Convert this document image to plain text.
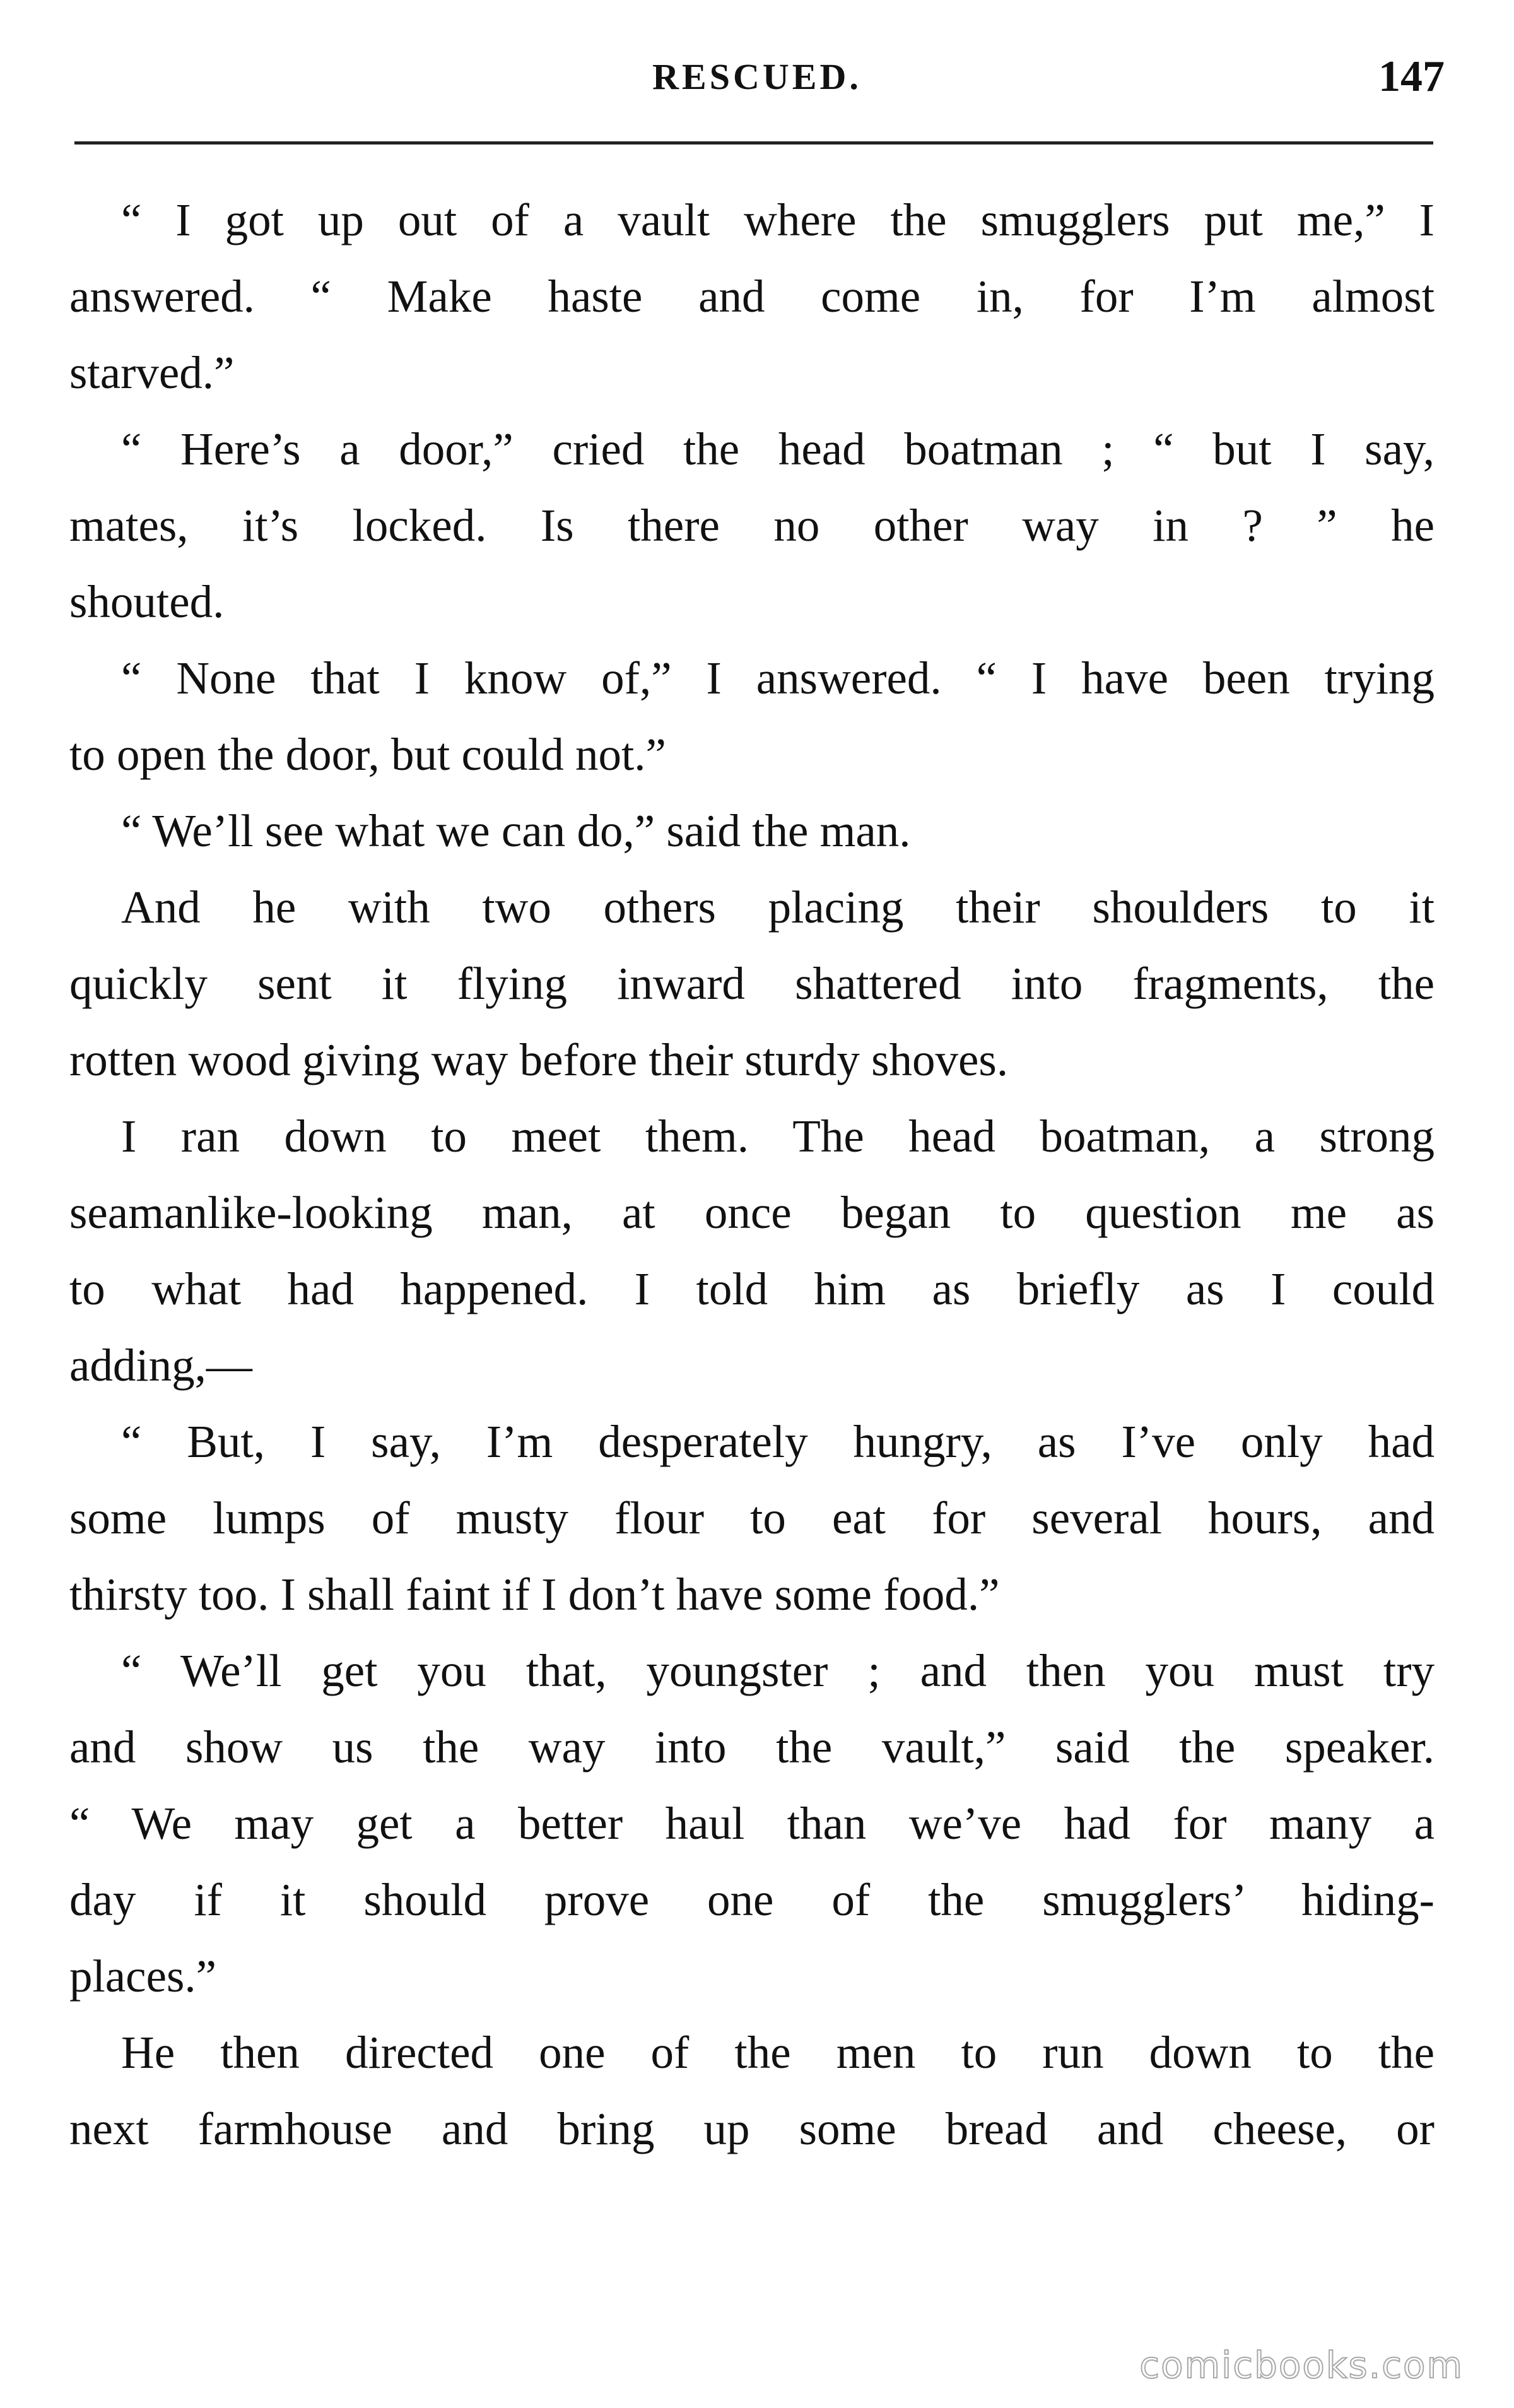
RESCUED.	147
“ I got up out of a vault where the smugglers put me,” I
answered. “ Make haste and come in, for I’m almost
starved.”
“ Here’s a door,” cried the head boatman ; “ but I say,
mates, it’s locked. Is there no other way in ? ” he
shouted.
“ None that I know of,” I answered. “ I have been trying
to open the door, but could not.”
“ We’ll see what we can do,” said the man.
And he with two others placing their shoulders to it
quickly sent it flying inward shattered into fragments, the
rotten wood giving way before their sturdy shoves.
I ran down to meet them. The head boatman, a strong
seamanlike-looking man, at once began to question me as
to what had happened. I told him as briefly as I could
adding,—
“ But, I say, I’m desperately hungry, as I’ve only had
some lumps of musty flour to eat for several hours, and
thirsty too. I shall faint if I don’t have some food.”
“ We’ll get you that, youngster ; and then you must try
and show us the way into the vault,” said the speaker.
“ We may get a better haul than we’ve had for many a
day if it should prove one of the smugglers’ hiding-
places.”
He then directed one of the men to run down to the
next farmhouse and bring up some bread and cheese, or
comicbooks.com
